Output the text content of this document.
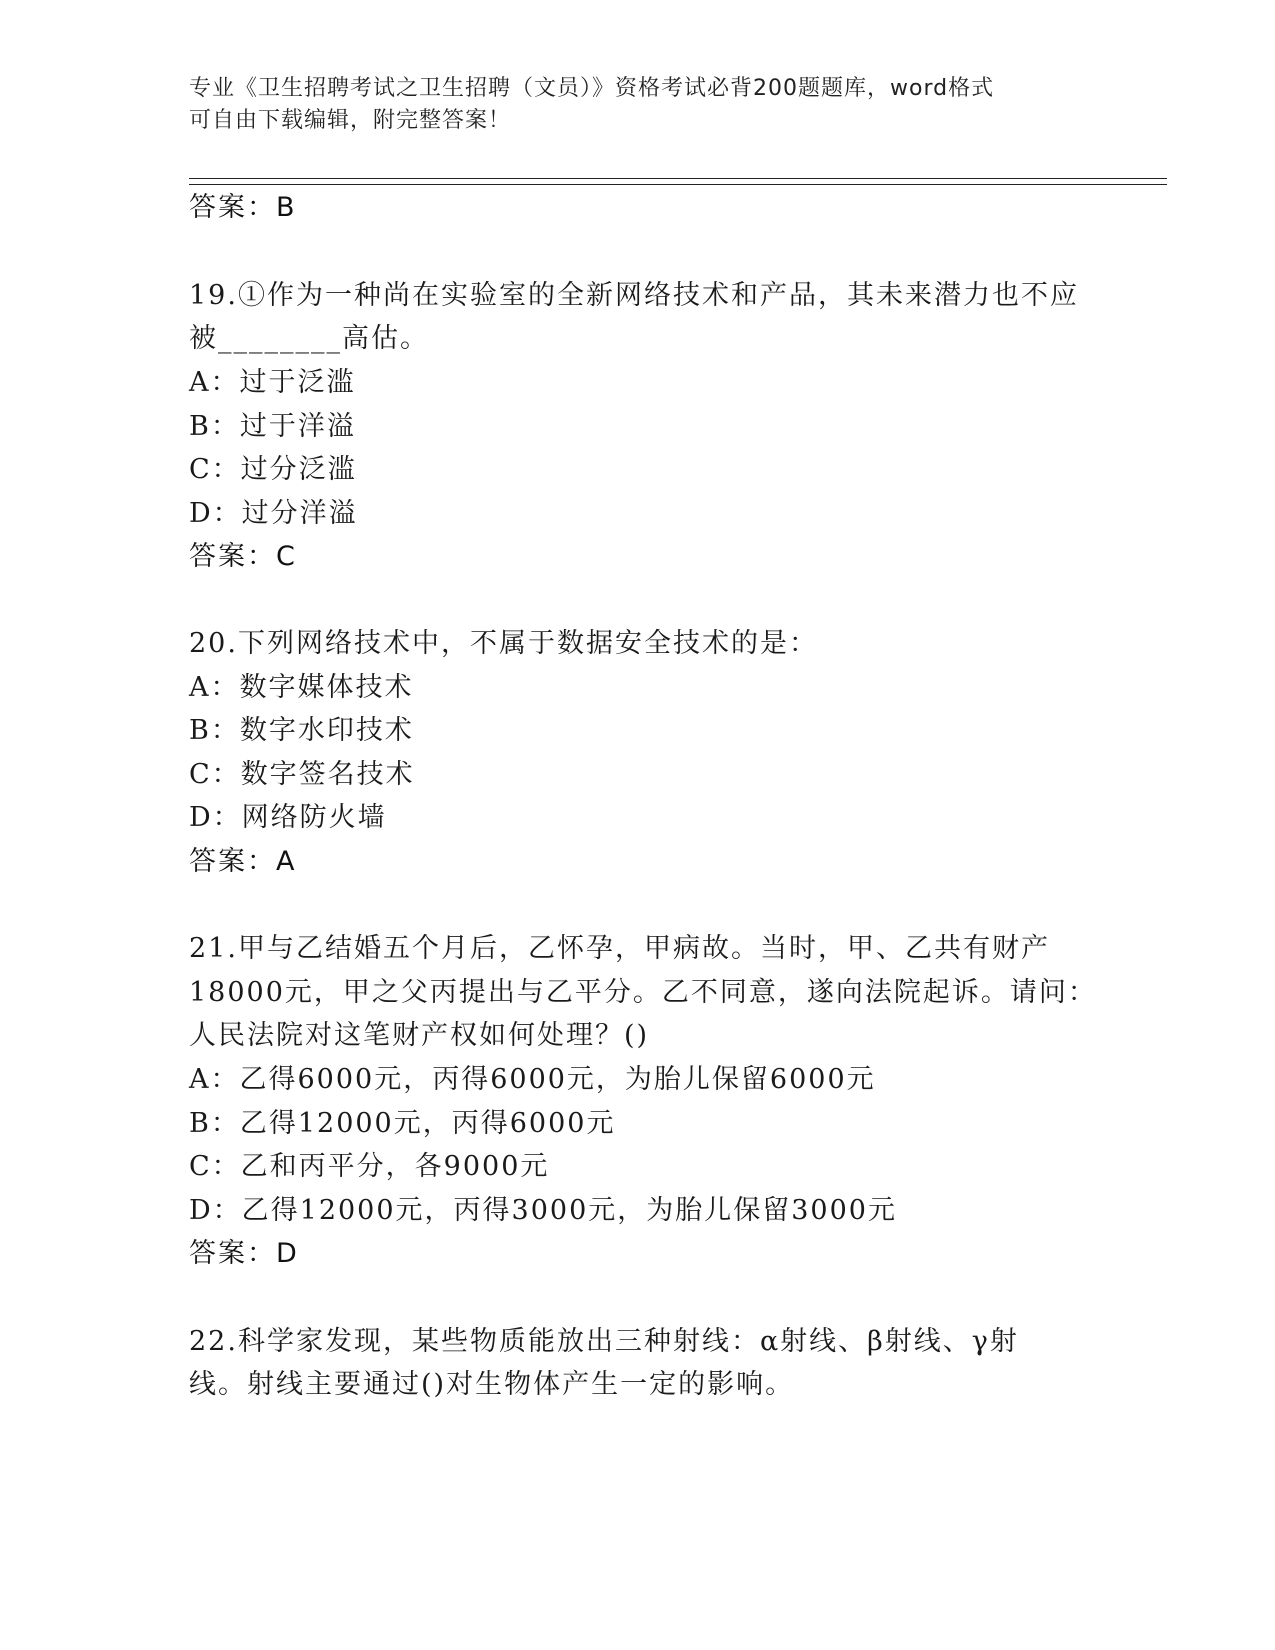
专业《卫生招聘考试之卫生招聘（文员）》资格考试必背200题题库，word格式
可自由下载编辑，附完整答案！
答案：B
19.①作为一种尚在实验室的全新网络技术和产品，其未来潜力也不应
被________高估。
A：过于泛滥
B：过于洋溢
C：过分泛滥
D：过分洋溢
答案：C
20.下列网络技术中，不属于数据安全技术的是：
A：数字媒体技术
B：数字水印技术
C：数字签名技术
D：网络防火墙
答案：A
21.甲与乙结婚五个月后，乙怀孕，甲病故。当时，甲、乙共有财产
18000元，甲之父丙提出与乙平分。乙不同意，遂向法院起诉。请问：
人民法院对这笔财产权如何处理？()
A：乙得6000元，丙得6000元，为胎儿保留6000元
B：乙得12000元，丙得6000元
C：乙和丙平分，各9000元
D：乙得12000元，丙得3000元，为胎儿保留3000元
答案：D
22.科学家发现，某些物质能放出三种射线：α射线、β射线、γ射
线。射线主要通过()对生物体产生一定的影响。
